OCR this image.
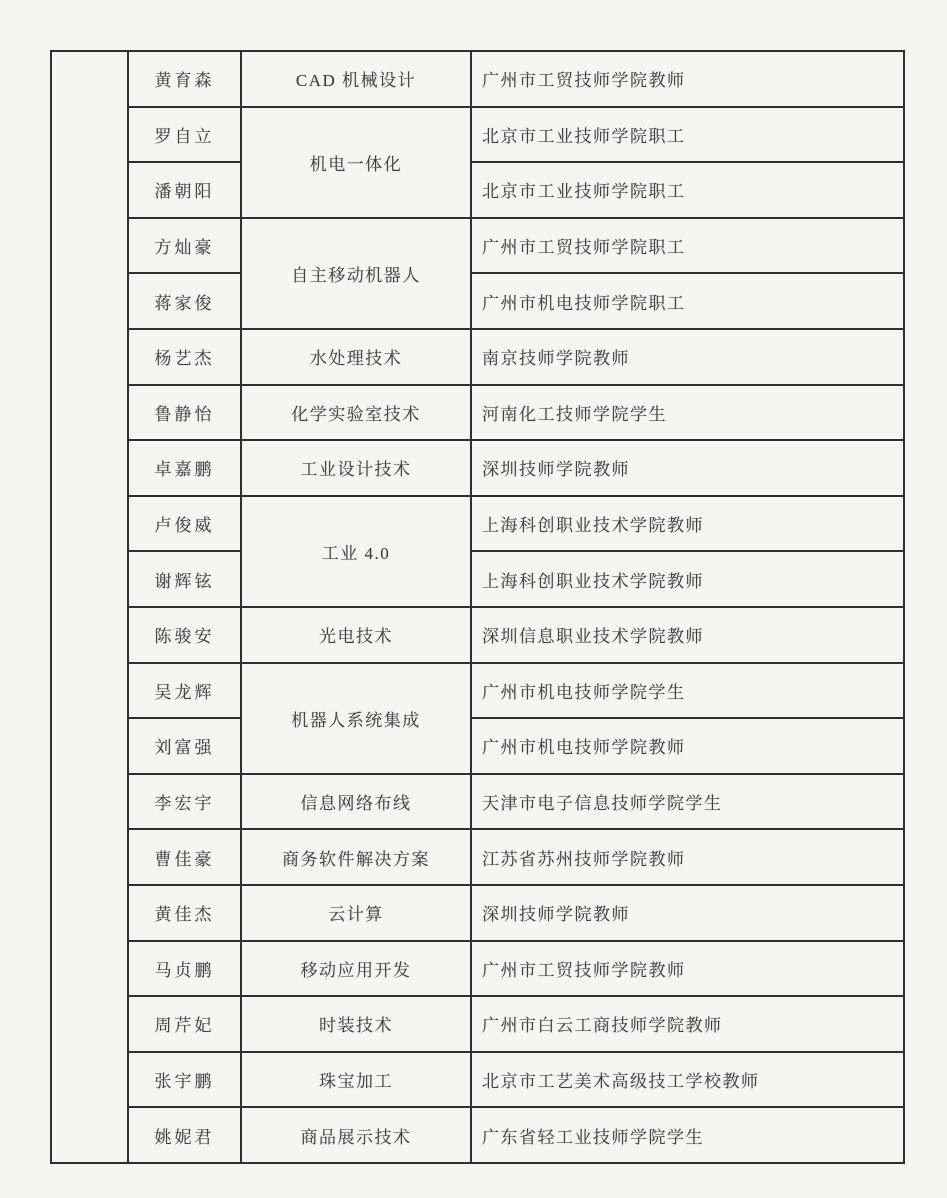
	黄育森	CAD 机械设计	广州市工贸技师学院教师
	罗自立	机电一体化	北京市工业技师学院职工
	潘朝阳		北京市工业技师学院职工
	方灿豪	自主移动机器人	广州市工贸技师学院职工
	蒋家俊		广州市机电技师学院职工
	杨艺杰	水处理技术	南京技师学院教师
	鲁静怡	化学实验室技术	河南化工技师学院学生
	卓嘉鹏	工业设计技术	深圳技师学院教师
	卢俊威	工业 4.0	上海科创职业技术学院教师
	谢辉铉		上海科创职业技术学院教师
	陈骏安	光电技术	深圳信息职业技术学院教师
	吴龙辉	机器人系统集成	广州市机电技师学院学生
	刘富强		广州市机电技师学院教师
	李宏宇	信息网络布线	天津市电子信息技师学院学生
	曹佳豪	商务软件解决方案	江苏省苏州技师学院教师
	黄佳杰	云计算	深圳技师学院教师
	马贞鹏	移动应用开发	广州市工贸技师学院教师
	周芹妃	时装技术	广州市白云工商技师学院教师
	张宇鹏	珠宝加工	北京市工艺美术高级技工学校教师
	姚妮君	商品展示技术	广东省轻工业技师学院学生
